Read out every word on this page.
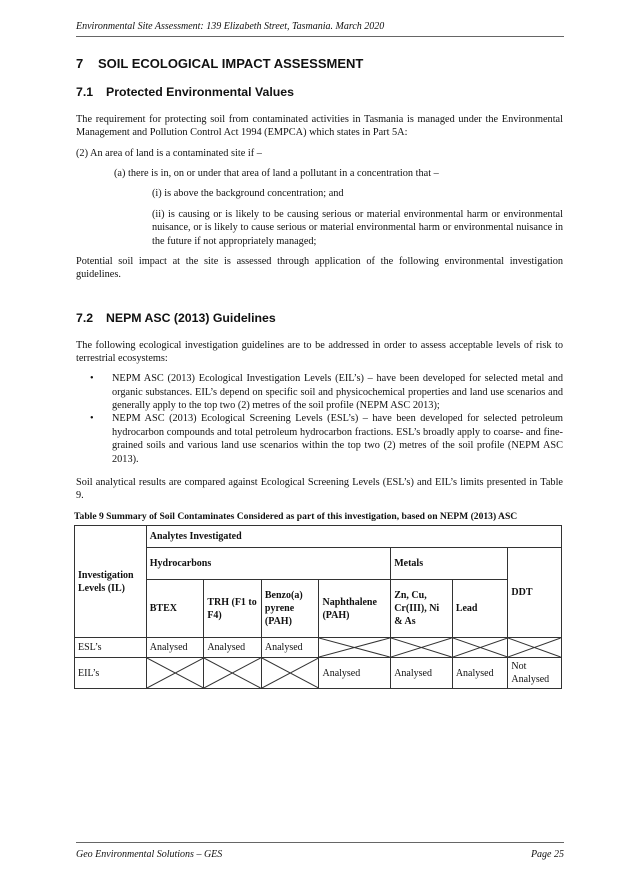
Environmental Site Assessment: 139 Elizabeth Street, Tasmania. March 2020
7 SOIL ECOLOGICAL IMPACT ASSESSMENT
7.1 Protected Environmental Values

The requirement for protecting soil from contaminated activities in Tasmania is managed under the Environmental Management and Pollution Control Act 1994 (EMPCA) which states in Part 5A:

(2) An area of land is a contaminated site if –

(a) there is in, on or under that area of land a pollutant in a concentration that –

(i) is above the background concentration; and

(ii) is causing or is likely to be causing serious or material environmental harm or environmental nuisance, or is likely to cause serious or material environmental harm or environmental nuisance in the future if not appropriately managed;

Potential soil impact at the site is assessed through application of the following environmental investigation guidelines.

7.2 NEPM ASC (2013) Guidelines

The following ecological investigation guidelines are to be addressed in order to assess acceptable levels of risk to terrestrial ecosystems:

• NEPM ASC (2013) Ecological Investigation Levels (EIL’s) – have been developed for selected metal and organic substances. EIL’s depend on specific soil and physicochemical properties and land use scenarios and generally apply to the top two (2) metres of the soil profile (NEPM ASC 2013);
• NEPM ASC (2013) Ecological Screening Levels (ESL’s) – have been developed for selected petroleum hydrocarbon compounds and total petroleum hydrocarbon fractions. ESL’s broadly apply to coarse- and fine-grained soils and various land use scenarios within the top two (2) metres of the soil profile (NEPM ASC 2013).

Soil analytical results are compared against Ecological Screening Levels (ESL’s) and EIL’s limits presented in Table 9.

Table 9 Summary of Soil Contaminates Considered as part of this investigation, based on NEPM (2013) ASC
Investigation Levels (IL)	Analytes Investigated						
	Hydrocarbons				Metals		DDT
	BTEX	TRH (F1 to F4)	Benzo(a) pyrene (PAH)	Naphthalene (PAH)	Zn, Cu, Cr(III), Ni & As	Lead	
ESL’s	Analysed	Analysed	Analysed	

EIL’s				Analysed	Analysed	Analysed	Not Analysed
Geo Environmental Solutions – GES	Page 25
